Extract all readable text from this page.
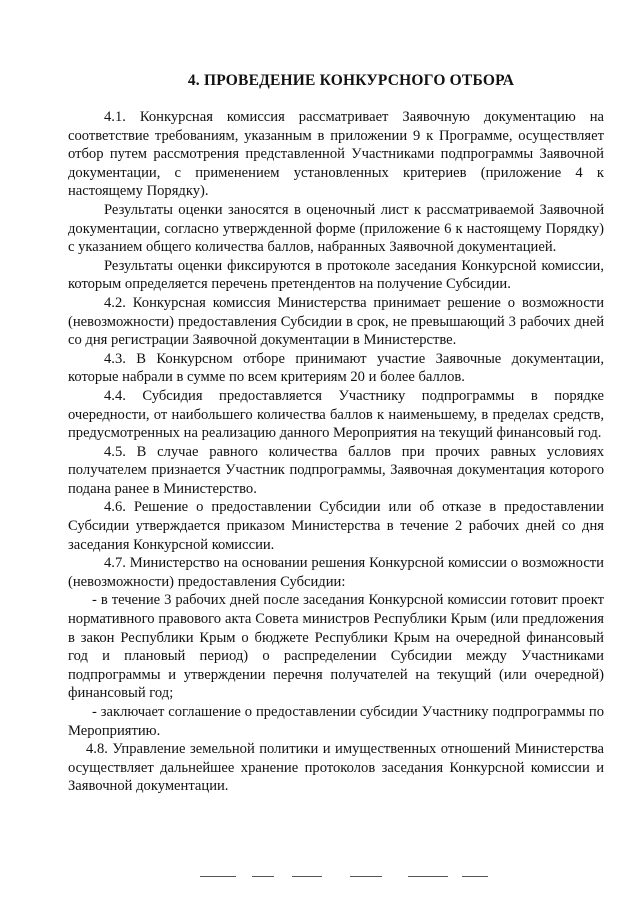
4. ПРОВЕДЕНИЕ КОНКУРСНОГО ОТБОРА

4.1. Конкурсная комиссия рассматривает Заявочную документацию на соответствие требованиям, указанным в приложении 9 к Программе, осуществляет отбор путем рассмотрения представленной Участниками подпрограммы Заявочной документации, с применением установленных критериев (приложение 4 к настоящему Порядку).

Результаты оценки заносятся в оценочный лист к рассматриваемой Заявочной документации, согласно утвержденной форме (приложение 6 к настоящему Порядку) с указанием общего количества баллов, набранных Заявочной документацией.

Результаты оценки фиксируются в протоколе заседания Конкурсной комиссии, которым определяется перечень претендентов на получение Субсидии.

4.2. Конкурсная комиссия Министерства принимает решение о возможности (невозможности) предоставления Субсидии в срок, не превышающий 3 рабочих дней со дня регистрации Заявочной документации в Министерстве.

4.3. В Конкурсном отборе принимают участие Заявочные документации, которые набрали в сумме по всем критериям 20 и более баллов.

4.4. Субсидия предоставляется Участнику подпрограммы в порядке очередности, от наибольшего количества баллов к наименьшему, в пределах средств, предусмотренных на реализацию данного Мероприятия на текущий финансовый год.

4.5. В случае равного количества баллов при прочих равных условиях получателем признается Участник подпрограммы, Заявочная документация которого подана ранее в Министерство.

4.6. Решение о предоставлении Субсидии или об отказе в предоставлении Субсидии утверждается приказом Министерства в течение 2 рабочих дней со дня заседания Конкурсной комиссии.

4.7. Министерство на основании решения Конкурсной комиссии о возможности (невозможности) предоставления Субсидии:

- в течение 3 рабочих дней после заседания Конкурсной комиссии готовит проект нормативного правового акта Совета министров Республики Крым (или предложения в закон Республики Крым о бюджете Республики Крым на очередной финансовый год и плановый период) о распределении Субсидии между Участниками подпрограммы и утверждении перечня получателей на текущий (или очередной) финансовый год;

- заключает соглашение о предоставлении субсидии Участнику подпрограммы по Мероприятию.

4.8. Управление земельной политики и имущественных отношений Министерства осуществляет дальнейшее хранение протоколов заседания Конкурсной комиссии и Заявочной документации.
